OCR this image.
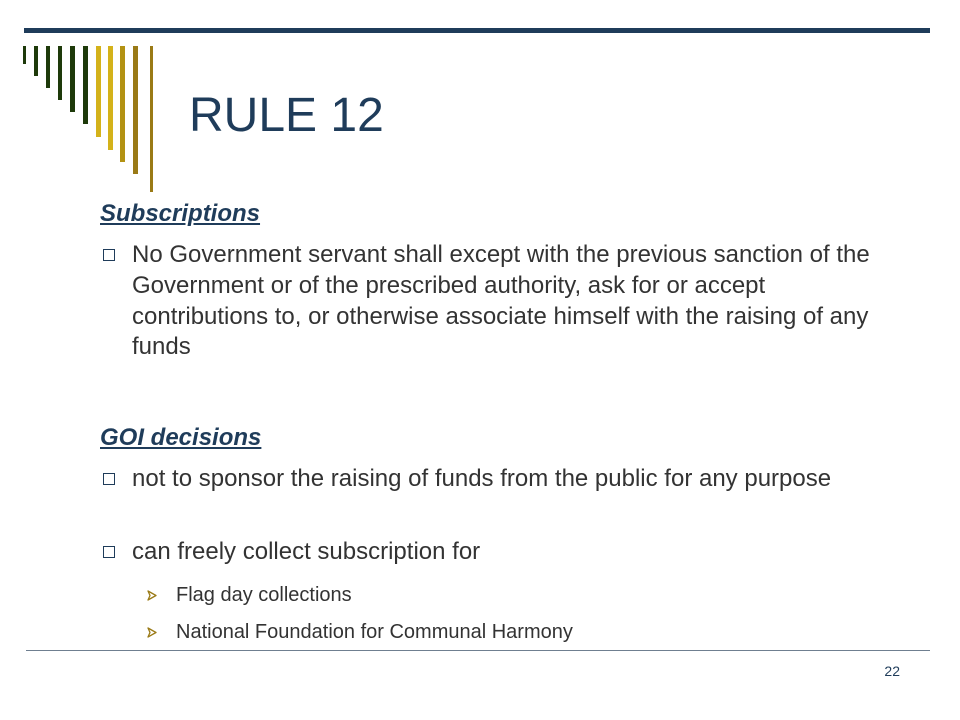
RULE 12
Subscriptions
No Government servant shall except with the previous sanction of the Government or of the prescribed authority, ask for or accept contributions to, or otherwise associate himself with the raising of any funds
GOI decisions
not to sponsor the raising of funds from the public for any purpose
can freely collect subscription for
Flag day collections
National Foundation for Communal Harmony
22
